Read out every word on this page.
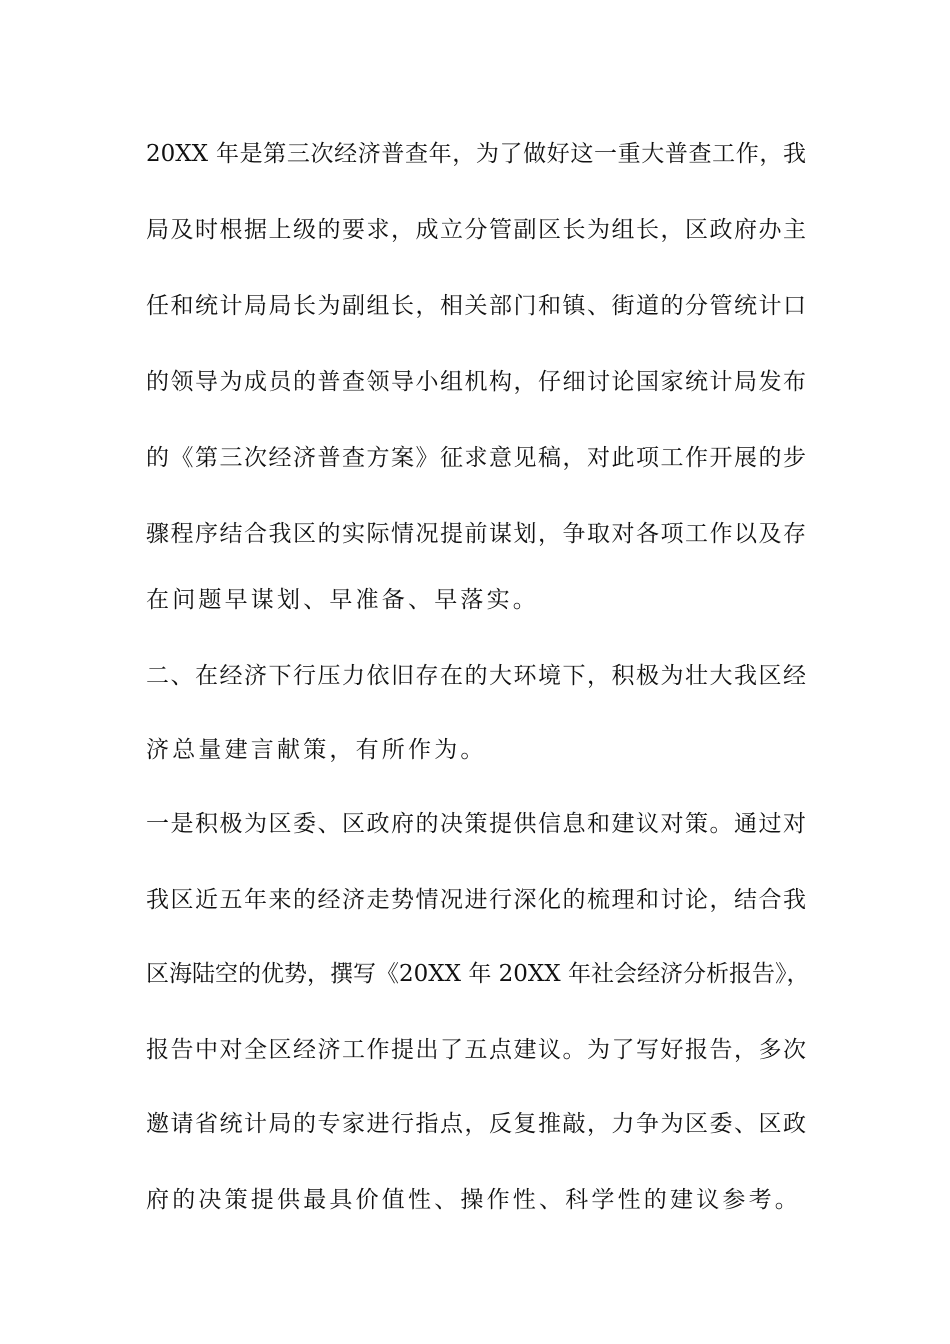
20XX 年是第三次经济普查年，为了做好这一重大普查工作，我
局及时根据上级的要求，成立分管副区长为组长，区政府办主
任和统计局局长为副组长，相关部门和镇、街道的分管统计口
的领导为成员的普查领导小组机构，仔细讨论国家统计局发布
的《第三次经济普查方案》征求意见稿，对此项工作开展的步
骤程序结合我区的实际情况提前谋划，争取对各项工作以及存
在问题早谋划、早准备、早落实。
二、在经济下行压力依旧存在的大环境下，积极为壮大我区经
济总量建言献策，有所作为。
一是积极为区委、区政府的决策提供信息和建议对策。通过对
我区近五年来的经济走势情况进行深化的梳理和讨论，结合我
区海陆空的优势，撰写《20XX 年 20XX 年社会经济分析报告》，
报告中对全区经济工作提出了五点建议。为了写好报告，多次
邀请省统计局的专家进行指点，反复推敲，力争为区委、区政
府的决策提供最具价值性、操作性、科学性的建议参考。
